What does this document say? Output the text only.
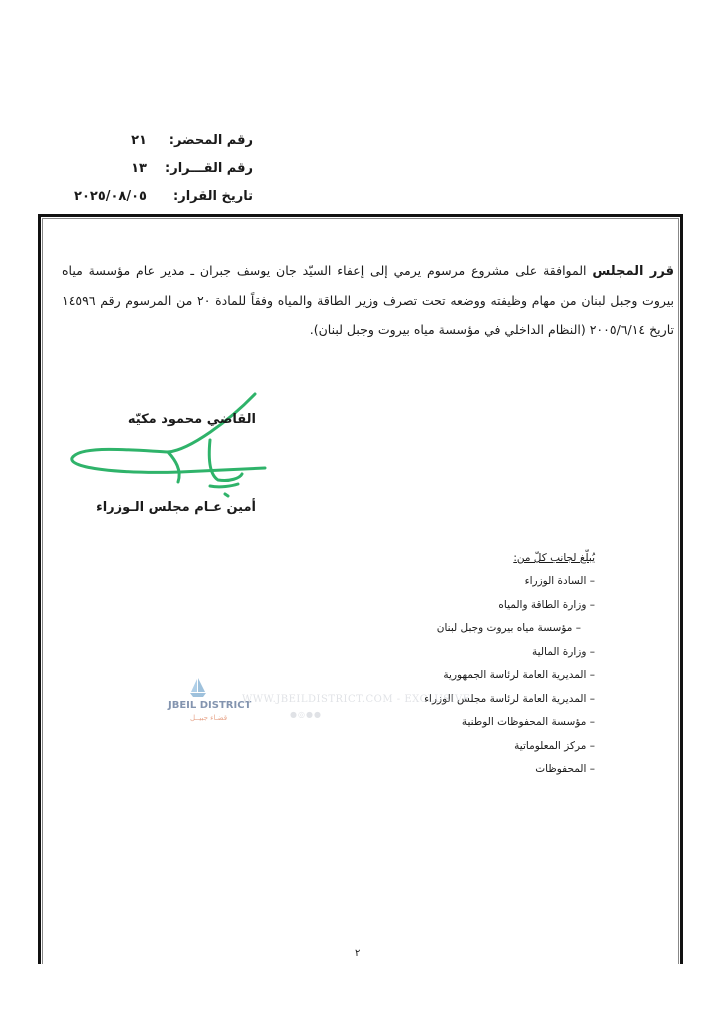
رقم المحضر:
٢١
رقم القـــرار:
١٣
تاريخ القرار:
٢٠٢٥/٠٨/٠٥
قرر المجلس الموافقة على مشروع مرسوم يرمي إلى إعفاء السيّد جان يوسف جبران ـ مدير عام مؤسسة مياه بيروت وجبل لبنان من مهام وظيفته ووضعه تحت تصرف وزير الطاقة والمياه وفقاً للمادة ٢٠ من المرسوم رقم ١٤٥٩٦ تاريخ ٢٠٠٥/٦/١٤ (النظام الداخلي في مؤسسة مياه بيروت وجبل لبنان).
القاضي محمود مكيّه
أمين عـام مجلس الـوزراء
يُبلّغ لجانب كلّ من:
– السادة الوزراء
– وزارة الطاقة والمياه
– مؤسسة مياه بيروت وجبل لبنان
– وزارة المالية
– المديرية العامة لرئاسة الجمهورية
– المديرية العامة لرئاسة مجلس الوزراء
– مؤسسة المحفوظات الوطنية
– مركز المعلوماتية
– المحفوظات
JBEIL DISTRICT
قضـاء جبيــل
WWW.JBEILDISTRICT.COM - EXCLUSIVE
●◎●●
٢
